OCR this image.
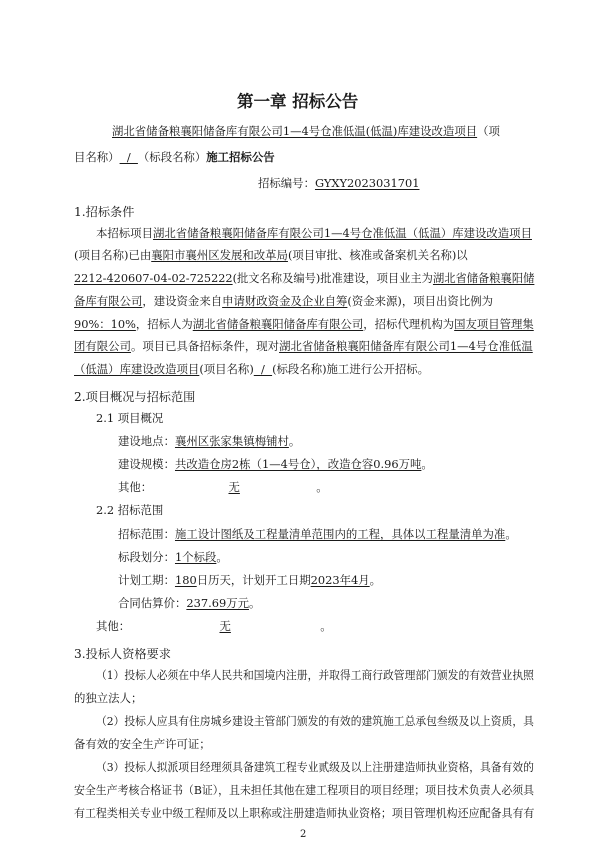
第一章 招标公告
湖北省储备粮襄阳储备库有限公司1—4号仓准低温(低温)库建设改造项目（项
目名称）  /  （标段名称）施工招标公告
招标编号：GYXY2023031701
1.招标条件
本招标项目湖北省储备粮襄阳储备库有限公司1—4号仓准低温（低温）库建设改造项目
(项目名称)已由襄阳市襄州区发展和改革局(项目审批、核准或备案机关名称)以
2212-420607-04-02-725222(批文名称及编号)批准建设，项目业主为湖北省储备粮襄阳储
备库有限公司，建设资金来自申请财政资金及企业自筹(资金来源)，项目出资比例为
90%：10%，招标人为湖北省储备粮襄阳储备库有限公司，招标代理机构为国友项目管理集
团有限公司。项目已具备招标条件，现对湖北省储备粮襄阳储备库有限公司1—4号仓准低温
（低温）库建设改造项目(项目名称)  /  (标段名称)施工进行公开招标。
2.项目概况与招标范围
2.1 项目概况
建设地点：襄州区张家集镇梅铺村。
建设规模：共改造仓房2栋（1—4号仓），改造仓容0.96万吨。
其他：	无	。
2.2 招标范围
招标范围：施工设计图纸及工程量清单范围内的工程，具体以工程量清单为准。
标段划分：1个标段。
计划工期：180日历天，计划开工日期2023年4月。
合同估算价：237.69万元。
其他：	无	。
3.投标人资格要求
（1）投标人必须在中华人民共和国境内注册，并取得工商行政管理部门颁发的有效营业执照
的独立法人；
（2）投标人应具有住房城乡建设主管部门颁发的有效的建筑施工总承包叁级及以上资质，具
备有效的安全生产许可证；
（3）投标人拟派项目经理须具备建筑工程专业贰级及以上注册建造师执业资格，具备有效的
安全生产考核合格证书（B证），且未担任其他在建工程项目的项目经理；项目技术负责人必须具
有工程类相关专业中级工程师及以上职称或注册建造师执业资格；项目管理机构还应配备具有有
2
